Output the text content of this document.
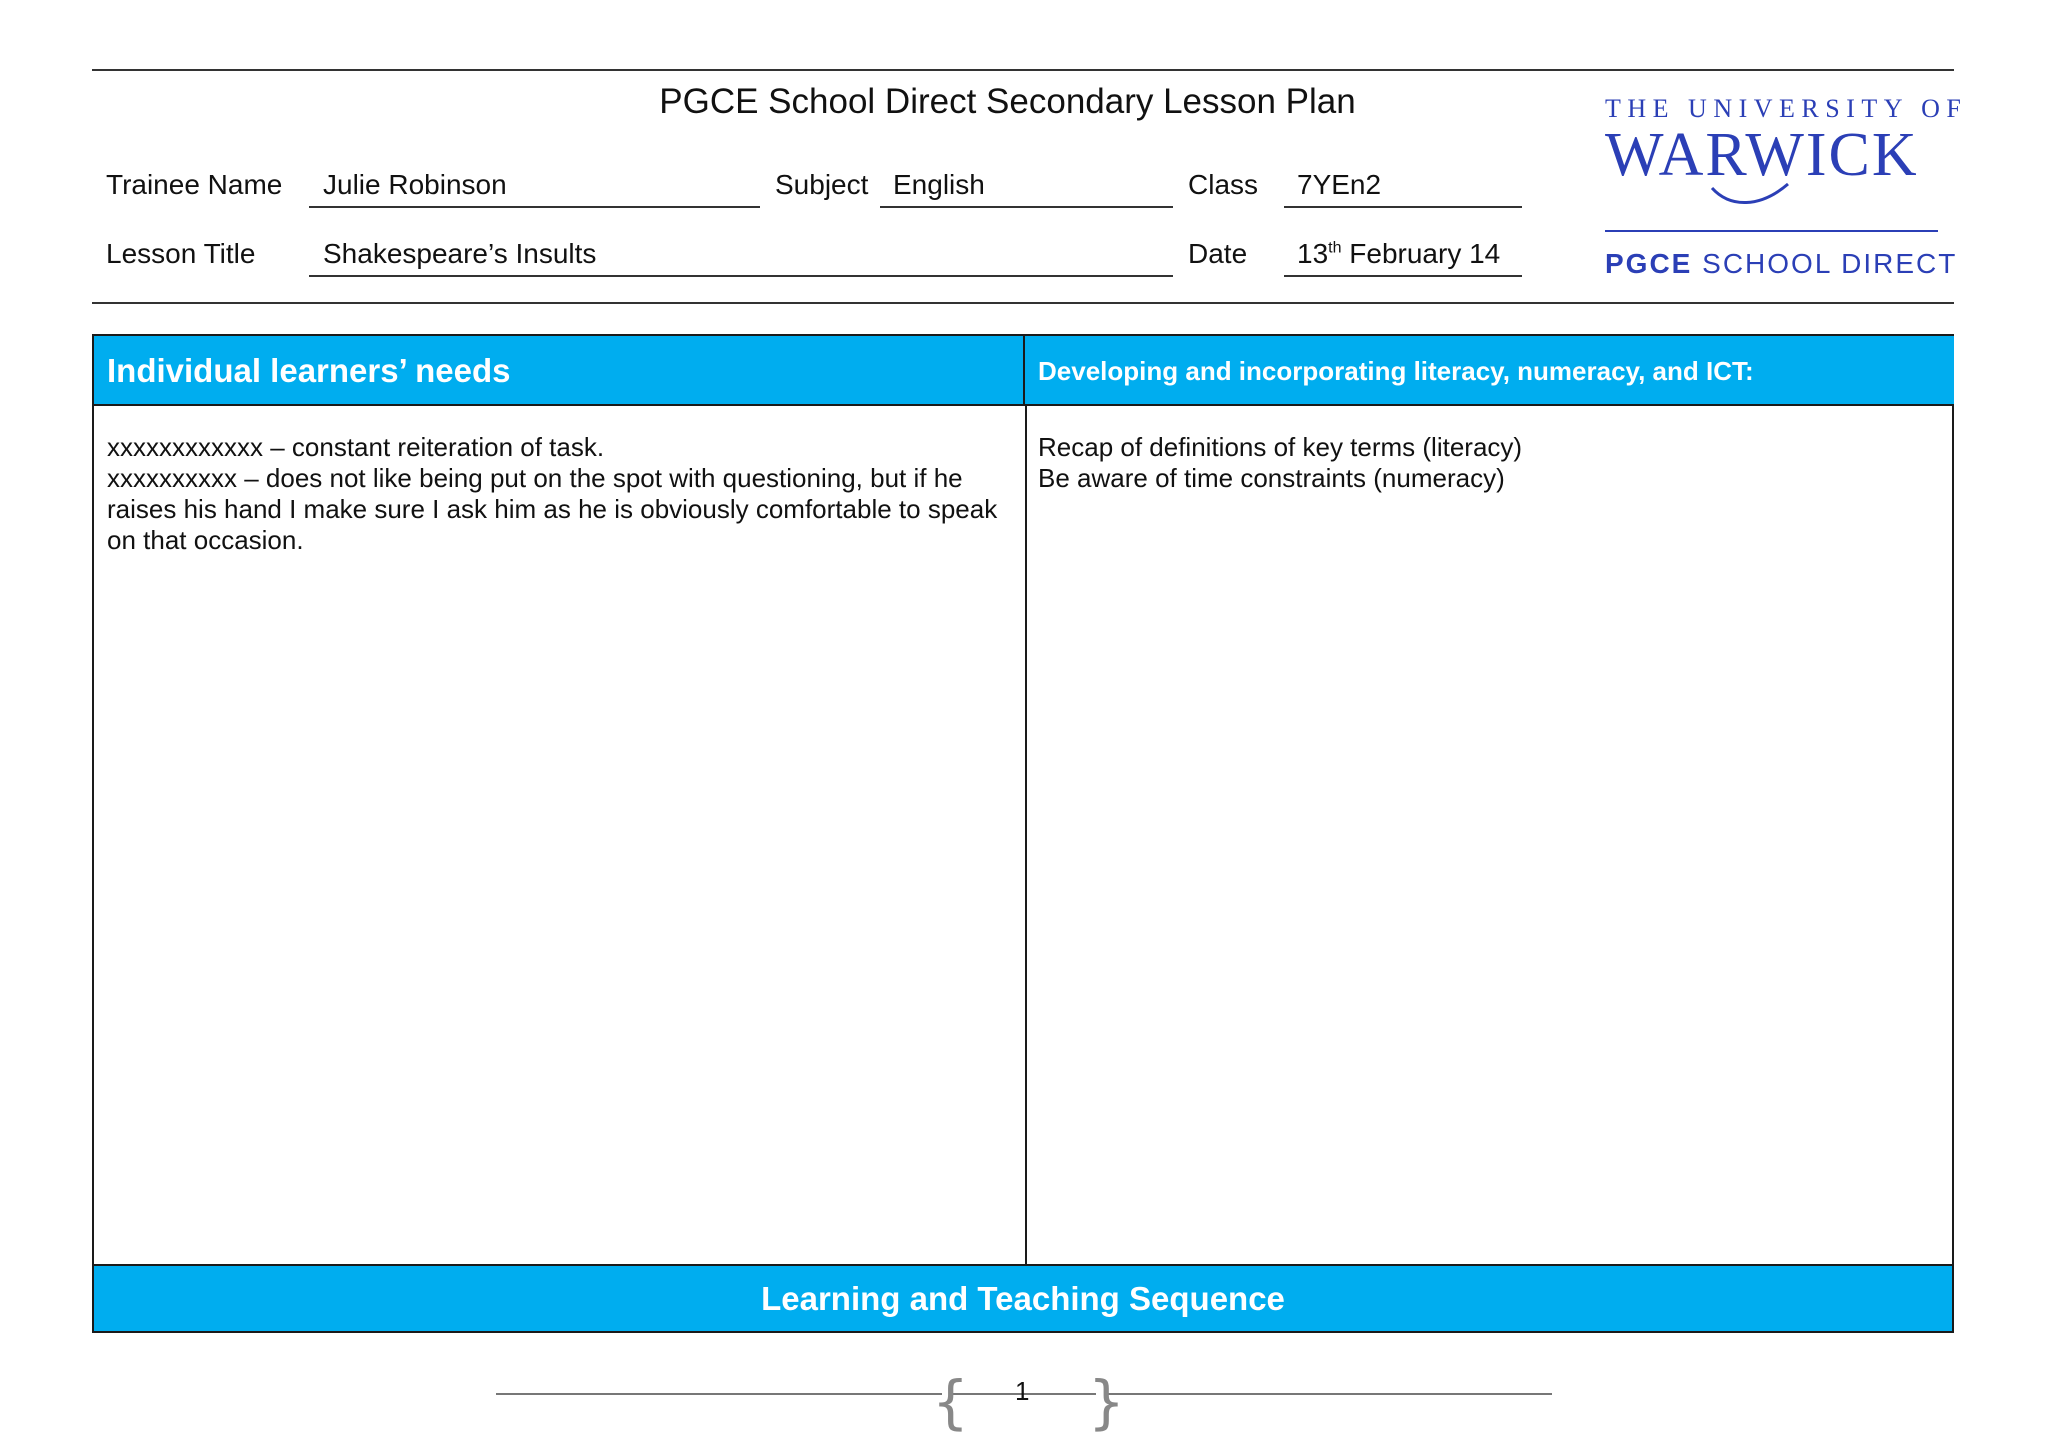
PGCE School Direct Secondary Lesson Plan
Trainee Name Julie Robinson	Subject English	Class 7YEn2
Lesson Title Shakespeare’s Insults	Date 13th February 14
THE UNIVERSITY OF
WARWICK
PGCE SCHOOL DIRECT
Individual learners’ needs	Developing and incorporating literacy, numeracy, and ICT:
xxxxxxxxxxxx – constant reiteration of task.
xxxxxxxxxx – does not like being put on the spot with questioning, but if he raises his hand I make sure I ask him as he is obviously comfortable to speak on that occasion.
Recap of definitions of key terms (literacy)
Be aware of time constraints (numeracy)
Learning and Teaching Sequence
{ }
1
